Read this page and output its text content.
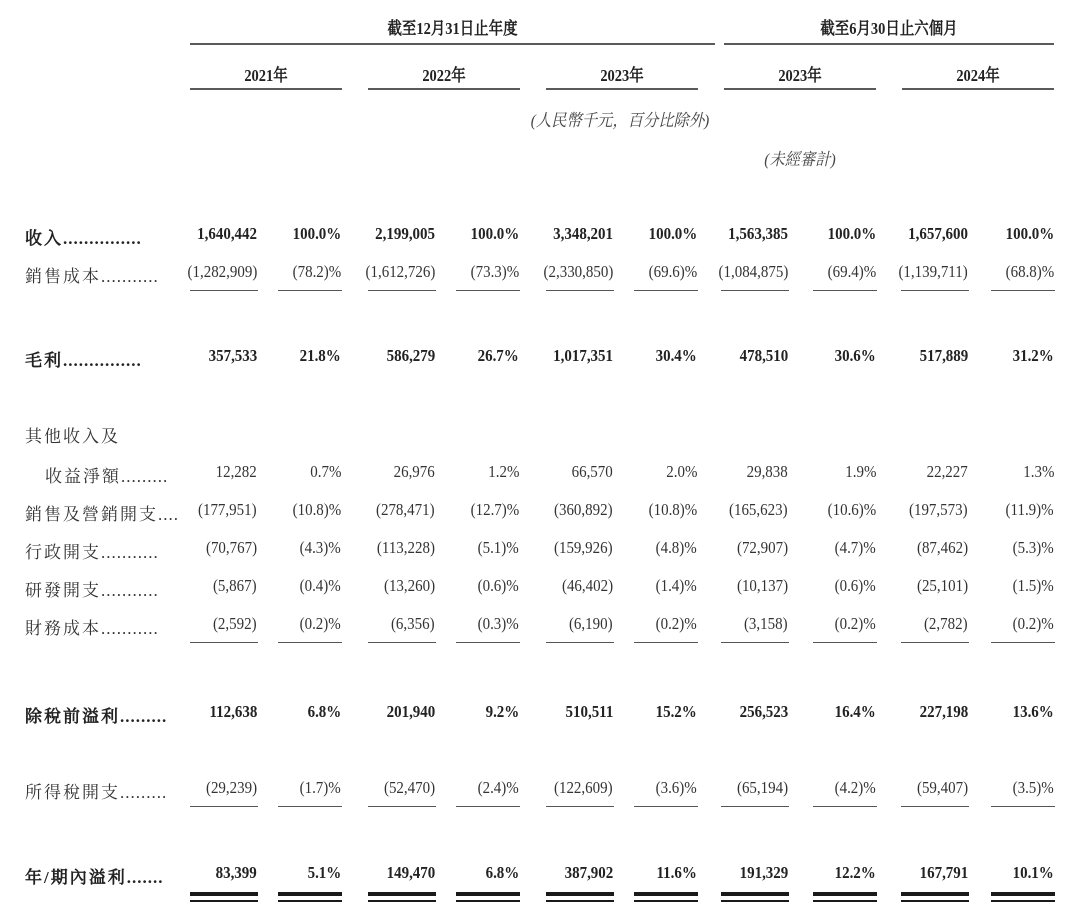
截至12月31日止年度	截至6月30日止六個月
2021年	2022年	2023年	2023年	2024年
(人民幣千元，百分比除外)
(未經審計)
收入...............	1,640,442 100.0% 2,199,005 100.0% 3,348,201 100.0% 1,563,385 100.0% 1,657,600 100.0%
銷售成本........... (1,282,909) (78.2)% (1,612,726) (73.3)% (2,330,850) (69.6)% (1,084,875) (69.4)% (1,139,711) (68.8)%
毛利...............	357,533	21.8%	586,279	26.7% 1,017,351	30.4% 478,510	30.6%	517,889	31.2%
其他收入及
收益淨額.........	12,282	0.7%	26,976	1.2%	66,570	2.0%	29,838	1.9%	22,227	1.3%
銷售及營銷開支.... (177,951) (10.8)% (278,471) (12.7)% (360,892) (10.8)% (165,623) (10.6)% (197,573) (11.9)%
行政開支...........	(70,767)	(4.3)% (113,228)	(5.1)% (159,926)	(4.8)% (72,907)	(4.7)% (87,462)	(5.3)%
研發開支...........	(5,867)	(0.4)%	(13,260)	(0.6)%	(46,402)	(1.4)% (10,137)	(0.6)% (25,101)	(1.5)%
財務成本...........	(2,592)	(0.2)%	(6,356)	(0.3)%	(6,190)	(0.2)%	(3,158)	(0.2)%	(2,782)	(0.2)%
除稅前溢利......... 112,638	6.8%	201,940	9.2%	510,511	15.2% 256,523	16.4%	227,198	13.6%
所得稅開支......... (29,239)	(1.7)%	(52,470)	(2.4)% (122,609)	(3.6)% (65,194)	(4.2)% (59,407)	(3.5)%
年/期內溢利.......	83,399	5.1%	149,470	6.8%	387,902	11.6% 191,329	12.2%	167,791	10.1%
